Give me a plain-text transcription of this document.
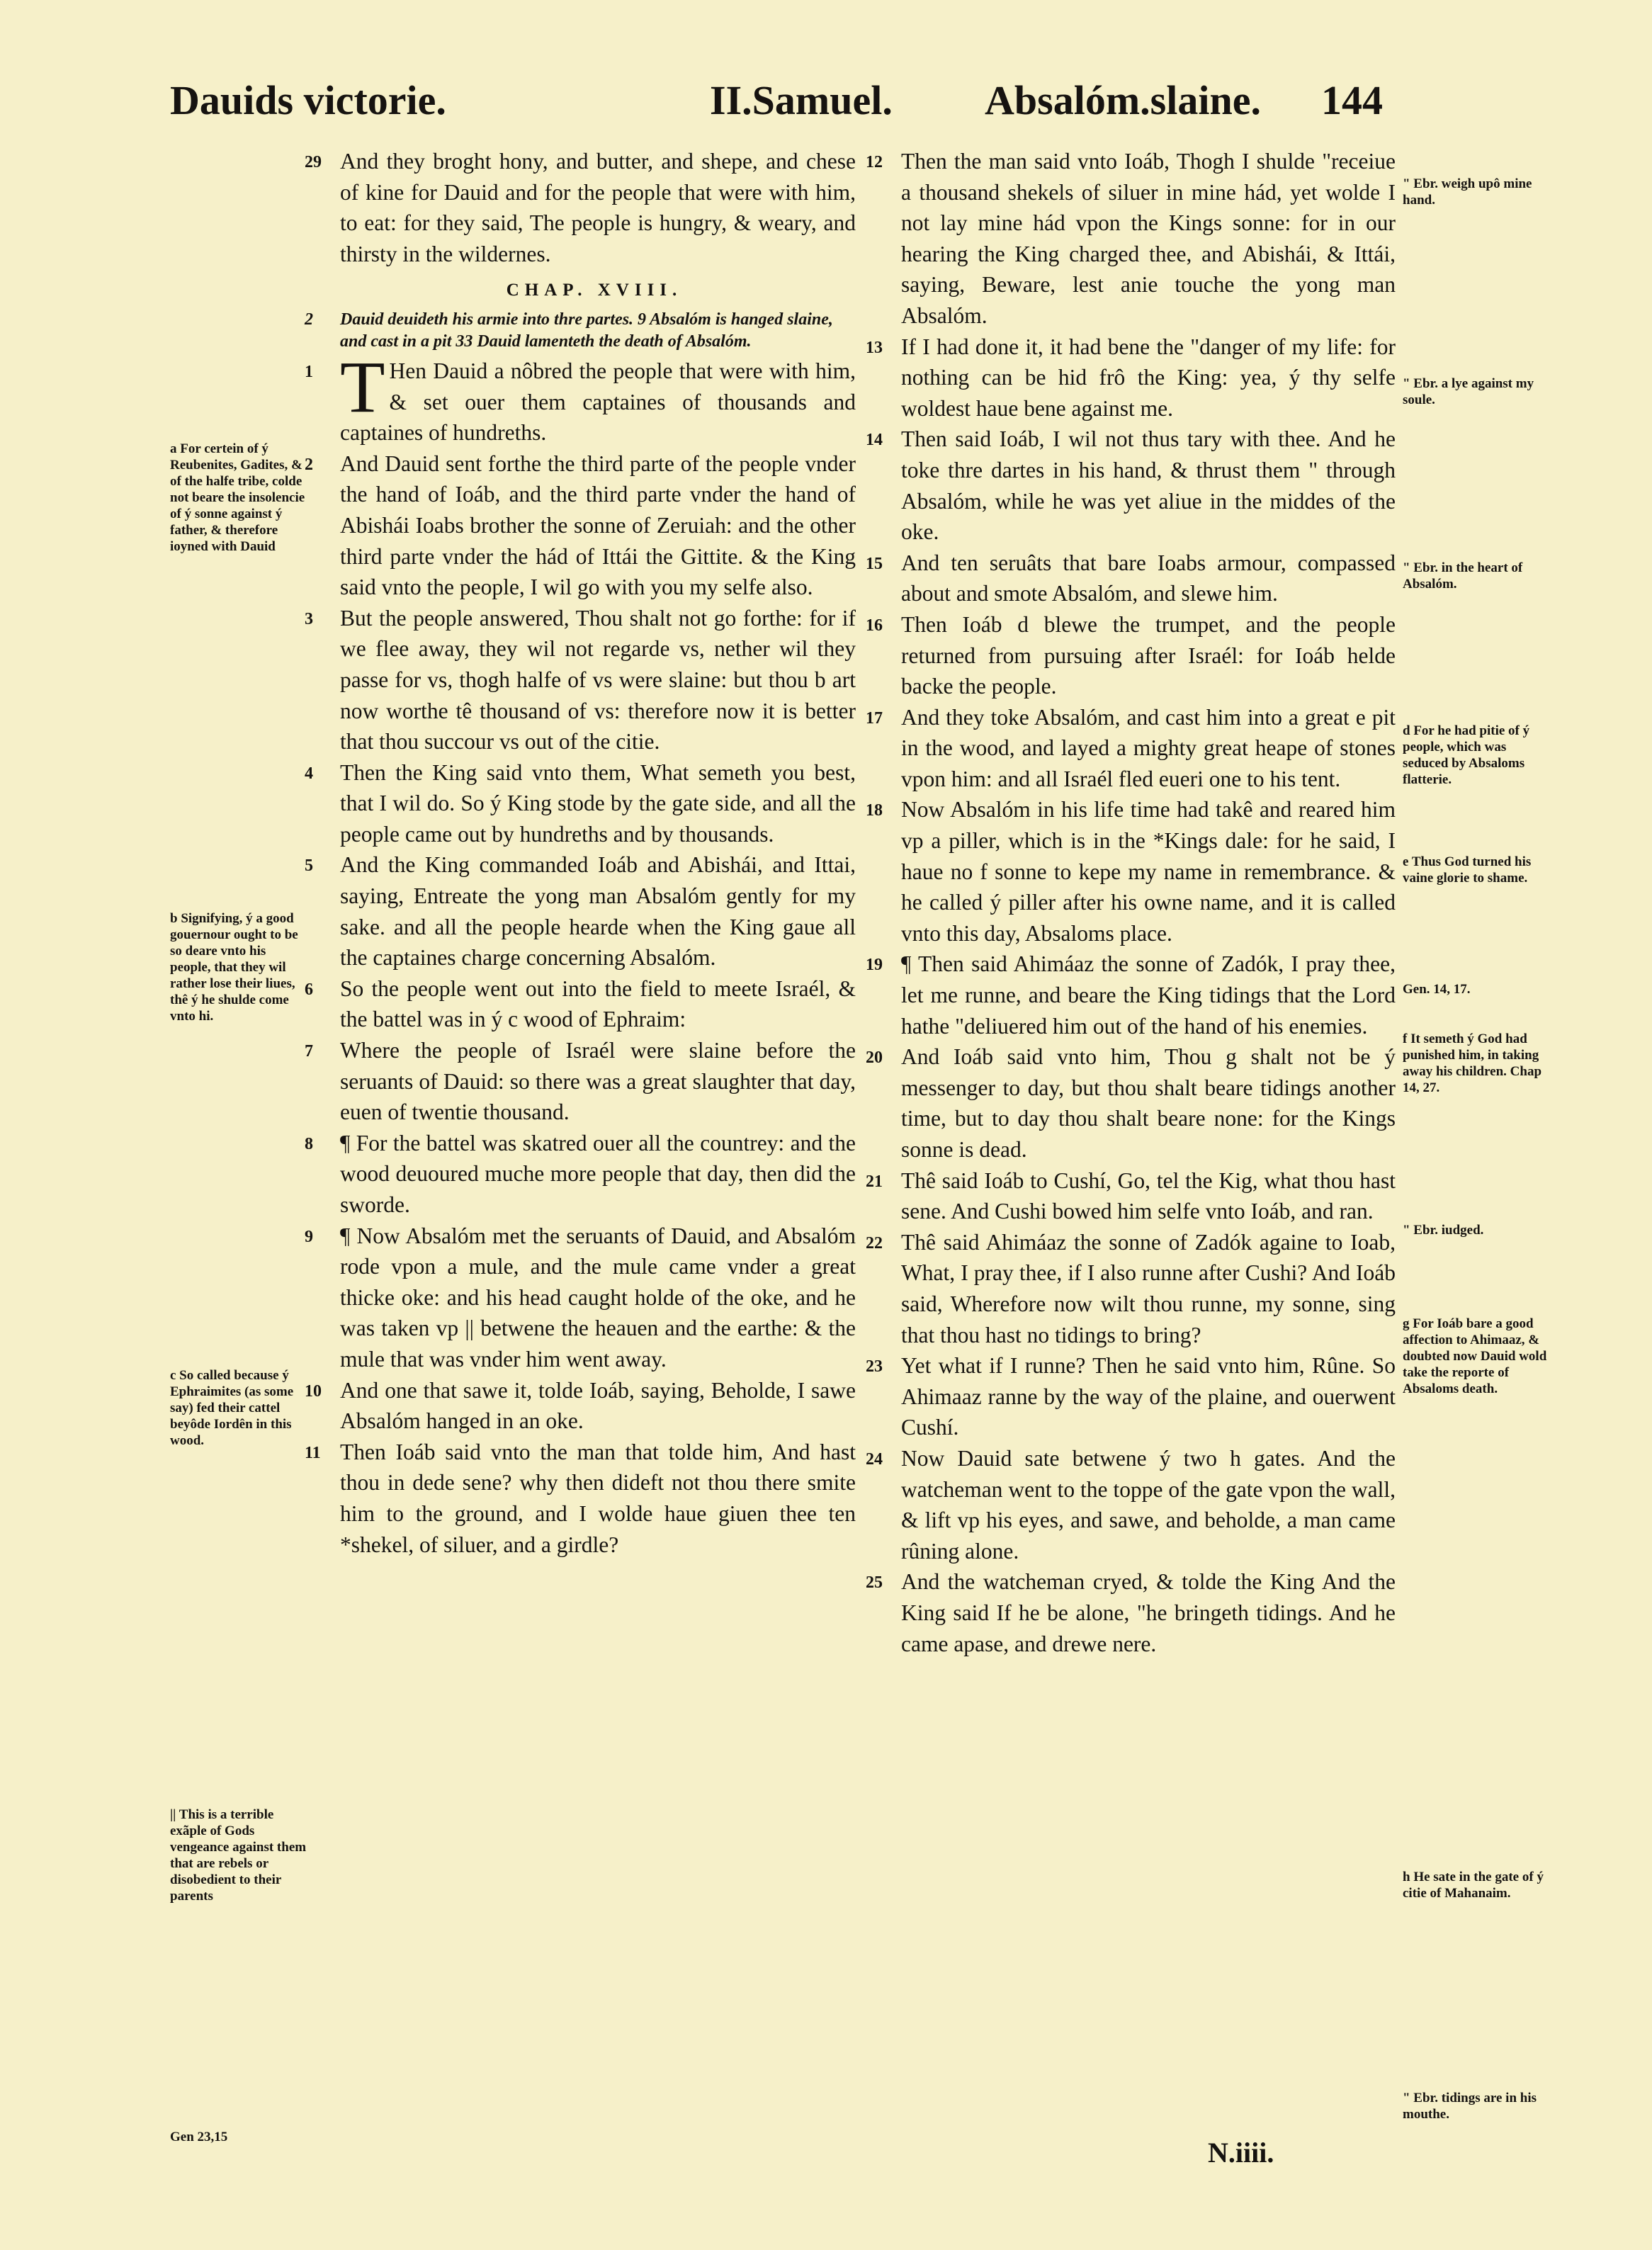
Dauids victorie.	II.Samuel. Absalóm.slaine. 144

29 And they broght hony, and butter, and shepe, and chese of kine for Dauid and for the people that were with him, to eat: for they said, The people is hungry, & weary, and thirsty in the wildernes.

CHAP. XVIII.
2 Dauid deuideth his armie into thre partes. 9 Absalóm is hanged slaine, and cast in a pit 33 Dauid lamenteth the death of Absalóm.

1 T Hen Dauid a nôbred the people that were with him, & set ouer them captaines of thousands and captaines of hundreths.

2 And Dauid sent forthe the third parte of the people vnder the hand of Ioáb, and the third parte vnder the hand of Abishái Ioabs brother the sonne of Zeruiah: and the other third parte vnder the hád of Ittái the Gittite. & the King said vnto the people, I wil go with you my selfe also.

3 But the people answered, Thou shalt not go forthe: for if we flee away, they wil not regarde vs, nether wil they passe for vs, thogh halfe of vs were slaine: but thou b art now worthe tê thousand of vs: therefore now it is better that thou succour vs out of the citie.

4 Then the King said vnto them, What semeth you best, that I wil do. So ý King stode by the gate side, and all the people came out by hundreths and by thousands.

5 And the King commanded Ioáb and Abishái, and Ittai, saying, Entreate the yong man Absalóm gently for my sake. and all the people hearde when the King gaue all the captaines charge concerning Absalóm.

6 So the people went out into the field to meete Israél, & the battel was in ý c wood of Ephraim:

7 Where the people of Israél were slaine before the seruants of Dauid: so there was a great slaughter that day, euen of twentie thousand.

8 ¶ For the battel was skatred ouer all the countrey: and the wood deuoured muche more people that day, then did the sworde.

9 ¶ Now Absalóm met the seruants of Dauid, and Absalóm rode vpon a mule, and the mule came vnder a great thicke oke: and his head caught holde of the oke, and he was taken vp || betwene the heauen and the earthe: & the mule that was vnder him went away.

10 And one that sawe it, tolde Ioáb, saying, Beholde, I sawe Absalóm hanged in an oke.

11 Then Ioáb said vnto the man that tolde him, And hast thou in dede sene? why then dideft not thou there smite him to the ground, and I wolde haue giuen thee ten *shekel, of siluer, and a girdle?

12 Then the man said vnto Ioáb, Thogh I shulde "receiue a thousand shekels of siluer in mine hád, yet wolde I not lay mine hád vpon the Kings sonne: for in our hearing the King charged thee, and Abishái, & Ittái, saying, Beware, lest anie touche the yong man Absalóm.

13 If I had done it, it had bene the "danger of my life: for nothing can be hid frô the King: yea, ý thy selfe woldest haue bene against me.

14 Then said Ioáb, I wil not thus tary with thee. And he toke thre dartes in his hand, & thrust them " through Absalóm, while he was yet aliue in the middes of the oke.

15 And ten seruâts that bare Ioabs armour, compassed about and smote Absalóm, and slewe him.

16 Then Ioáb d blewe the trumpet, and the people returned from pursuing after Israél: for Ioáb helde backe the people.

17 And they toke Absalóm, and cast him into a great e pit in the wood, and layed a mighty great heape of stones vpon him: and all Israél fled eueri one to his tent.

18 Now Absalóm in his life time had takê and reared him vp a piller, which is in the *Kings dale: for he said, I haue no f sonne to kepe my name in remembrance. & he called ý piller after his owne name, and it is called vnto this day, Absaloms place.

19 ¶ Then said Ahimáaz the sonne of Zadók, I pray thee, let me runne, and beare the King tidings that the Lord hathe "deliuered him out of the hand of his enemies.

20 And Ioáb said vnto him, Thou g shalt not be ý messenger to day, but thou shalt beare tidings another time, but to day thou shalt beare none: for the Kings sonne is dead.

21 Thê said Ioáb to Cushí, Go, tel the Kig, what thou hast sene. And Cushi bowed him selfe vnto Ioáb, and ran.

22 Thê said Ahimáaz the sonne of Zadók againe to Ioab, What, I pray thee, if I also runne after Cushi? And Ioáb said, Wherefore now wilt thou runne, my sonne, sing that thou hast no tidings to bring?

23 Yet what if I runne? Then he said vnto him, Rûne. So Ahimaaz ranne by the way of the plaine, and ouerwent Cushí.

24 Now Dauid sate betwene ý two h gates. And the watcheman went to the toppe of the gate vpon the wall, & lift vp his eyes, and sawe, and beholde, a man came rûning alone.

25 And the watcheman cryed, & tolde the King And the King said If he be alone, "he bringeth tidings. And he came apase, and drewe nere.

a For certein of ý Reubenites, Gadites, & of the halfe tribe, colde not beare the insolencie of ý sonne against ý father, & therefore ioyned with Dauid
b Signifying, ý a good gouernour ought to be so deare vnto his people, that they wil rather lose their liues, thê ý he shulde come vnto hi.
c So called because ý Ephraimites (as some say) fed their cattel beyôde Iordên in this wood.
|| This is a terrible exãple of Gods vengeance against them that are rebels or disobedient to their parents
Gen 23,15
" Ebr. weigh upô mine hand.
" Ebr. a lye against my soule.
" Ebr. in the heart of Absalóm.
d For he had pitie of ý people, which was seduced by Absaloms flatterie.
e Thus God turned his vaine glorie to shame.
Gen. 14, 17.
f It semeth ý God had punished him, in taking away his children. Chap 14, 27.
" Ebr. iudged.
g For Ioáb bare a good affection to Ahimaaz, & doubted now Dauid wold take the reporte of Absaloms death.
h He sate in the gate of ý citie of Mahanaim.
" Ebr. tidings are in his mouthe.
N.iiii.
